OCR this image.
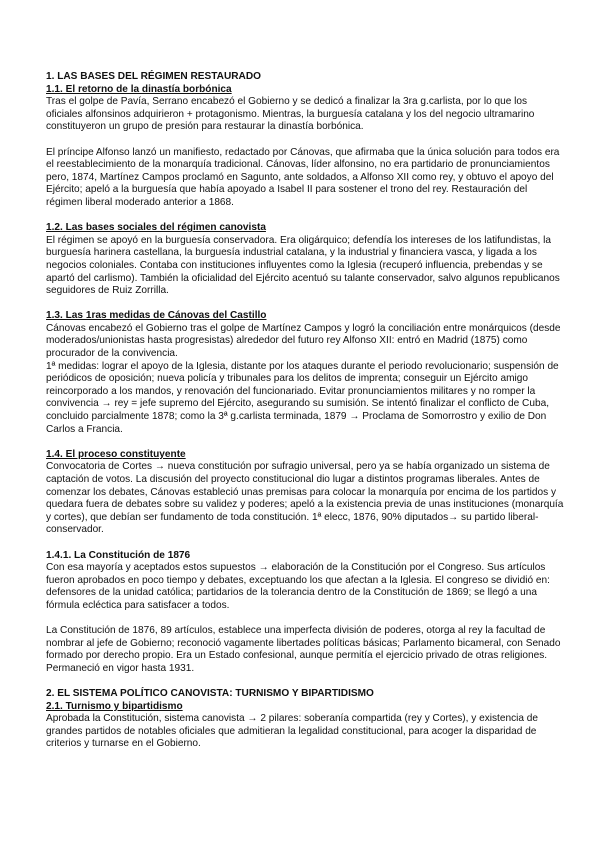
1. LAS BASES DEL RÉGIMEN RESTAURADO
1.1. El retorno de la dinastía borbónica

Tras el golpe de Pavía, Serrano encabezó el Gobierno y se dedicó a finalizar la 3ra g.carlista, por lo que los oficiales alfonsinos adquirieron + protagonismo. Mientras, la burguesía catalana y los del negocio ultramarino constituyeron un grupo de presión para restaurar la dinastía borbónica.

El príncipe Alfonso lanzó un manifiesto, redactado por Cánovas, que afirmaba que la única solución para todos era el reestablecimiento de la monarquía tradicional. Cánovas, líder alfonsino, no era partidario de pronunciamientos pero, 1874, Martínez Campos proclamó en Sagunto, ante soldados, a Alfonso XII como rey, y obtuvo el apoyo del Ejército; apeló a la burguesía que había apoyado a Isabel II para sostener el trono del rey. Restauración del régimen liberal moderado anterior a 1868.

1.2. Las bases sociales del régimen canovista

El régimen se apoyó en la burguesía conservadora. Era oligárquico; defendía los intereses de los latifundistas, la burguesía harinera castellana, la burguesía industrial catalana, y la industrial y financiera vasca, y ligada a los negocios coloniales. Contaba con instituciones influyentes como la Iglesia (recuperó influencia, prebendas y se apartó del carlismo). También la oficialidad del Ejército acentuó su talante conservador, salvo algunos republicanos seguidores de Ruiz Zorrilla.

1.3. Las 1ras medidas de Cánovas del Castillo

Cánovas encabezó el Gobierno tras el golpe de Martínez Campos y logró la conciliación entre monárquicos (desde moderados/unionistas hasta progresistas) alrededor del futuro rey Alfonso XII: entró en Madrid (1875) como procurador de la convivencia.

1ª medidas: lograr el apoyo de la Iglesia, distante por los ataques durante el periodo revolucionario; suspensión de periódicos de oposición; nueva policía y tribunales para los delitos de imprenta; conseguir un Ejército amigo reincorporado a los mandos, y renovación del funcionariado. Evitar pronunciamientos militares y no romper la convivencia → rey = jefe supremo del Ejército, asegurando su sumisión. Se intentó finalizar el conflicto de Cuba, concluido parcialmente 1878; como la 3ª g.carlista terminada, 1879 → Proclama de Somorrostro y exilio de Don Carlos a Francia.

1.4. El proceso constituyente

Convocatoria de Cortes → nueva constitución por sufragio universal, pero ya se había organizado un sistema de captación de votos. La discusión del proyecto constitucional dio lugar a distintos programas liberales. Antes de comenzar los debates, Cánovas estableció unas premisas para colocar la monarquía por encima de los partidos y quedara fuera de debates sobre su validez y poderes; apeló a la existencia previa de unas instituciones (monarquía y cortes), que debían ser fundamento de toda constitución. 1ª elecc, 1876, 90% diputados→ su partido liberal-conservador.

1.4.1. La Constitución de 1876

Con esa mayoría y aceptados estos supuestos → elaboración de la Constitución por el Congreso. Sus artículos fueron aprobados en poco tiempo y debates, exceptuando los que afectan a la Iglesia. El congreso se dividió en: defensores de la unidad católica; partidarios de la tolerancia dentro de la Constitución de 1869; se llegó a una fórmula ecléctica para satisfacer a todos.

La Constitución de 1876, 89 artículos, establece una imperfecta división de poderes, otorga al rey la facultad de nombrar al jefe de Gobierno; reconoció vagamente libertades políticas básicas; Parlamento bicameral, con Senado formado por derecho propio. Era un Estado confesional, aunque permitía el ejercicio privado de otras religiones. Permaneció en vigor hasta 1931.

2. EL SISTEMA POLÍTICO CANOVISTA: TURNISMO Y BIPARTIDISMO
2.1. Turnismo y bipartidismo

Aprobada la Constitución, sistema canovista → 2 pilares: soberanía compartida (rey y Cortes), y existencia de grandes partidos de notables oficiales que admitieran la legalidad constitucional, para acoger la disparidad de criterios y turnarse en el Gobierno.
